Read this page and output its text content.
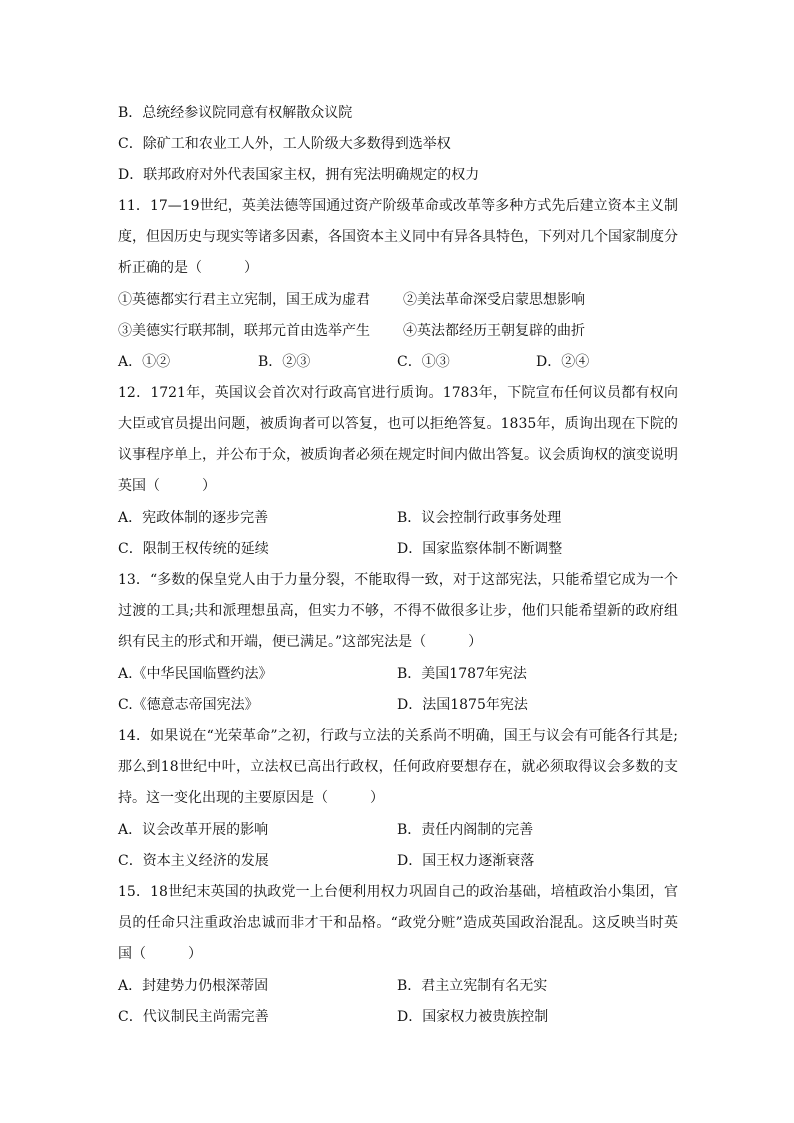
B．总统经参议院同意有权解散众议院
C．除矿工和农业工人外，工人阶级大多数得到选举权
D．联邦政府对外代表国家主权，拥有宪法明确规定的权力
11．17—19世纪，英美法德等国通过资产阶级革命或改革等多种方式先后建立资本主义制度，但因历史与现实等诸多因素，各国资本主义同中有异各具特色，下列对几个国家制度分析正确的是（　　　）
①英德都实行君主立宪制，国王成为虚君 ②美法革命深受启蒙思想影响
③美德实行联邦制，联邦元首由选举产生 ④英法都经历王朝复辟的曲折
A．①②	B．②③	C．①③	D．②④
12．1721年，英国议会首次对行政高官进行质询。1783年，下院宣布任何议员都有权向大臣或官员提出问题，被质询者可以答复，也可以拒绝答复。1835年，质询出现在下院的议事程序单上，并公布于众，被质询者必须在规定时间内做出答复。议会质询权的演变说明英国（　　　）
A．宪政体制的逐步完善	B．议会控制行政事务处理
C．限制王权传统的延续	D．国家监察体制不断调整
13．“多数的保皇党人由于力量分裂，不能取得一致，对于这部宪法，只能希望它成为一个过渡的工具;共和派理想虽高，但实力不够，不得不做很多让步，他们只能希望新的政府组织有民主的形式和开端，便已满足。”这部宪法是（　　　）
A.《中华民国临暨约法》	B．美国1787年宪法
C.《德意志帝国宪法》	D．法国1875年宪法
14．如果说在“光荣革命”之初，行政与立法的关系尚不明确，国王与议会有可能各行其是;那么到18世纪中叶，立法权已高出行政权，任何政府要想存在，就必须取得议会多数的支持。这一变化出现的主要原因是（　　　）
A．议会改革开展的影响	B．责任内阁制的完善
C．资本主义经济的发展	D．国王权力逐渐衰落
15．18世纪末英国的执政党一上台便利用权力巩固自己的政治基础，培植政治小集团，官员的任命只注重政治忠诚而非才干和品格。“政党分赃”造成英国政治混乱。这反映当时英国（　　　）
A．封建势力仍根深蒂固	B．君主立宪制有名无实
C．代议制民主尚需完善	D．国家权力被贵族控制
